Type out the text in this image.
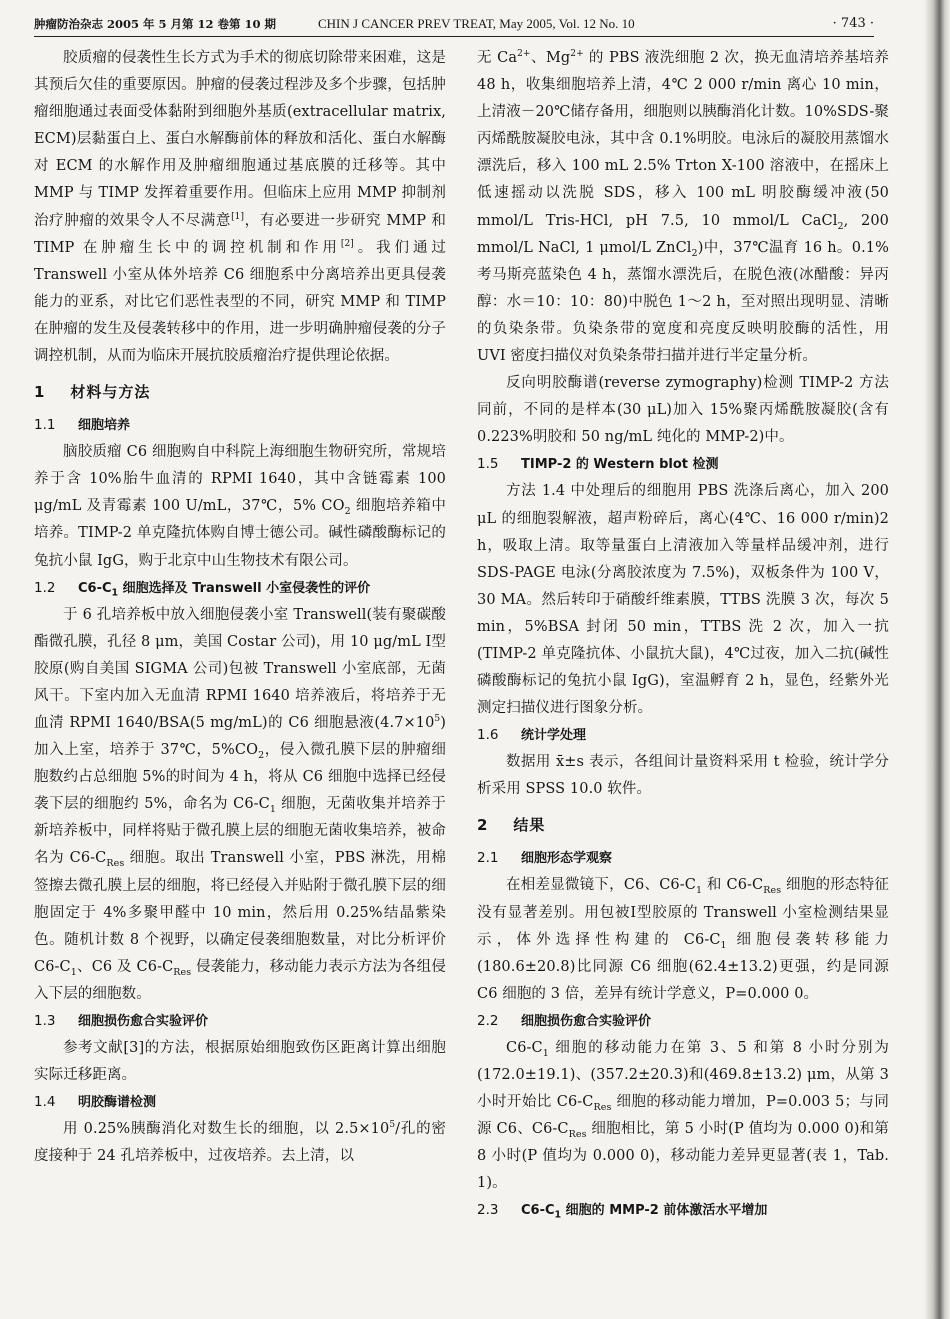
肿瘤防治杂志 2005 年 5 月第 12 卷第 10 期	CHIN J CANCER PREV TREAT, May 2005, Vol. 12 No. 10	· 743 ·

胶质瘤的侵袭性生长方式为手术的彻底切除带来困难，这是其预后欠佳的重要原因。肿瘤的侵袭过程涉及多个步骤，包括肿瘤细胞通过表面受体黏附到细胞外基质(extracellular matrix, ECM)层黏蛋白上、蛋白水解酶前体的释放和活化、蛋白水解酶对 ECM 的水解作用及肿瘤细胞通过基底膜的迁移等。其中 MMP 与 TIMP 发挥着重要作用。但临床上应用 MMP 抑制剂治疗肿瘤的效果令人不尽满意[1]，有必要进一步研究 MMP 和 TIMP 在肿瘤生长中的调控机制和作用[2]。我们通过 Transwell 小室从体外培养 C6 细胞系中分离培养出更具侵袭能力的亚系，对比它们恶性表型的不同，研究 MMP 和 TIMP 在肿瘤的发生及侵袭转移中的作用，进一步明确肿瘤侵袭的分子调控机制，从而为临床开展抗胶质瘤治疗提供理论依据。

1 材料与方法
1.1 细胞培养

脑胶质瘤 C6 细胞购自中科院上海细胞生物研究所，常规培养于含 10%胎牛血清的 RPMI 1640，其中含链霉素 100 μg/mL 及青霉素 100 U/mL，37℃，5% $CO_2$ 细胞培养箱中培养。TIMP-2 单克隆抗体购自博士德公司。碱性磷酸酶标记的兔抗小鼠 IgG，购于北京中山生物技术有限公司。

1.2 $C6-C_1$ 细胞选择及 Transwell 小室侵袭性的评价

于 6 孔培养板中放入细胞侵袭小室 Transwell(装有聚碳酸酯微孔膜，孔径 8 μm，美国 Costar 公司)，用 10 μg/mL Ⅰ型胶原(购自美国 SIGMA 公司)包被 Transwell 小室底部，无菌风干。下室内加入无血清 RPMI 1640 培养液后，将培养于无血清 RPMI 1640/BSA(5 mg/mL)的 C6 细胞悬液$(4.7\times 10^5)$加入上室，培养于 37℃，$5\%CO_2$，侵入微孔膜下层的肿瘤细胞数约占总细胞 5%的时间为 4 h，将从 C6 细胞中选择已经侵袭下层的细胞约 5%，命名为 $C6-C_1$ 细胞，无菌收集并培养于新培养板中，同样将贴于微孔膜上层的细胞无菌收集培养，被命名为 $C6-C_{Res}$ 细胞。取出 Transwell 小室，PBS 淋洗，用棉签擦去微孔膜上层的细胞，将已经侵入并贴附于微孔膜下层的细胞固定于 4%多聚甲醛中 10 min，然后用 0.25%结晶紫染色。随机计数 8 个视野，以确定侵袭细胞数量，对比分析评价 $C6-C_1$、C6 及 $C6-C_{Res}$ 侵袭能力，移动能力表示方法为各组侵入下层的细胞数。

1.3 细胞损伤愈合实验评价

参考文献[3]的方法，根据原始细胞致伤区距离计算出细胞实际迁移距离。

1.4 明胶酶谱检测

用 0.25%胰酶消化对数生长的细胞，以 $2.5\times 10^5/$孔的密度接种于 24 孔培养板中，过夜培养。去上清，以

无 $Ca^{2+}$、$Mg^{2+}$ 的 PBS 液洗细胞 2 次，换无血清培养基培养 48 h，收集细胞培养上清，4℃ 2 000 r/min 离心 10 min，上清液－20℃储存备用，细胞则以胰酶消化计数。10%SDS-聚丙烯酰胺凝胶电泳，其中含 0.1%明胶。电泳后的凝胶用蒸馏水漂洗后，移入 100 mL 2.5% Trton X-100 溶液中，在摇床上低速摇动以洗脱 SDS，移入 100 mL 明胶酶缓冲液(50 mmol/L Tris-HCl, pH 7.5, 10 mmol/L CaCl$_2$, 200 mmol/L NaCl, 1 μmol/L ZnCl$_2$)中，37℃温育 16 h。0.1%考马斯亮蓝染色 4 h，蒸馏水漂洗后，在脱色液(冰醋酸：异丙醇：水＝10：10：80)中脱色 1～2 h，至对照出现明显、清晰的负染条带。负染条带的宽度和亮度反映明胶酶的活性，用 UVI 密度扫描仪对负染条带扫描并进行半定量分析。

反向明胶酶谱(reverse zymography)检测 TIMP-2 方法同前，不同的是样本(30 μL)加入 15%聚丙烯酰胺凝胶(含有 0.223%明胶和 50 ng/mL 纯化的 MMP-2)中。

1.5 TIMP-2 的 Western blot 检测

方法 1.4 中处理后的细胞用 PBS 洗涤后离心，加入 200 μL 的细胞裂解液，超声粉碎后，离心(4℃、16 000 r/min)2 h，吸取上清。取等量蛋白上清液加入等量样品缓冲剂，进行 SDS-PAGE 电泳(分离胶浓度为 7.5%)，双板条件为 100 V，30 MA。然后转印于硝酸纤维素膜，TTBS 洗膜 3 次，每次 5 min，5%BSA 封闭 50 min，TTBS 洗 2 次，加入一抗(TIMP-2 单克隆抗体、小鼠抗大鼠)，4℃过夜，加入二抗(碱性磷酸酶标记的兔抗小鼠 IgG)，室温孵育 2 h，显色，经紫外光测定扫描仪进行图象分析。

1.6 统计学处理

数据用 x̄±s 表示，各组间计量资料采用 t 检验，统计学分析采用 SPSS 10.0 软件。

2 结果
2.1 细胞形态学观察

在相差显微镜下，C6、$C6-C_1$ 和 $C6-C_{Res}$ 细胞的形态特征没有显著差别。用包被Ⅰ型胶原的 Transwell 小室检测结果显示，体外选择性构建的 $C6-C_1$ 细胞侵袭转移能力(180.6±20.8)比同源 C6 细胞(62.4±13.2)更强，约是同源 C6 细胞的 3 倍，差异有统计学意义，P=0.000 0。

2.2 细胞损伤愈合实验评价

$C6-C_1$ 细胞的移动能力在第 3、5 和第 8 小时分别为(172.0±19.1)、(357.2±20.3)和(469.8±13.2) μm，从第 3 小时开始比 $C6-C_{Res}$ 细胞的移动能力增加，P=0.003 5；与同源 C6、$C6-C_{Res}$ 细胞相比，第 5 小时(P 值均为 0.000 0)和第 8 小时(P 值均为 0.000 0)，移动能力差异更显著(表 1，Tab. 1)。

2.3 $C6-C_1$ 细胞的 MMP-2 前体激活水平增加
